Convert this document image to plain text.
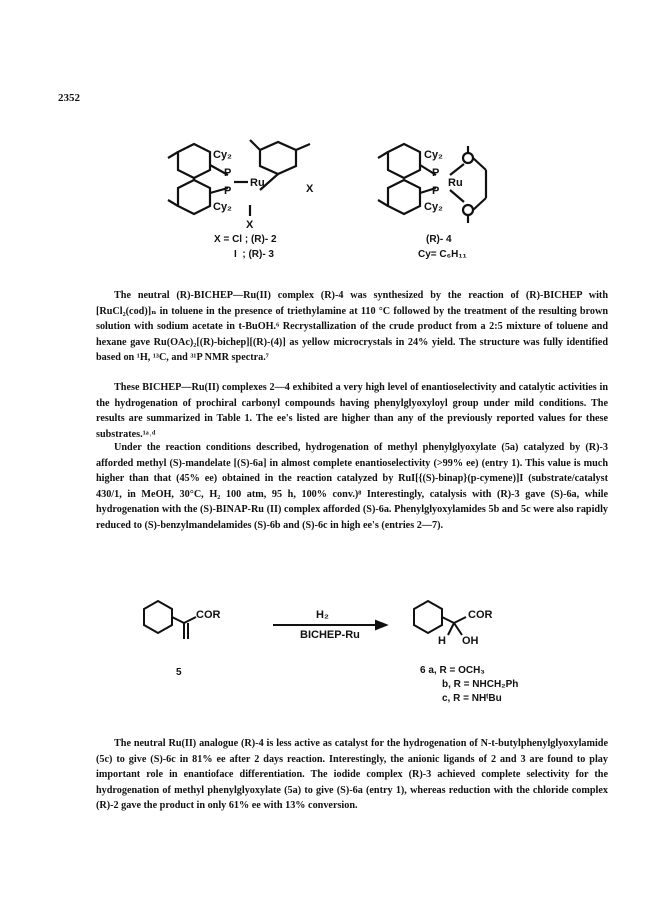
2352
Cy₂
P
P
Cy₂
Ru
X
X
Cy₂
P
Ru
P
Cy₂
X = Cl ; (R)- 2
I  ; (R)- 3
(R)- 4
Cy= C₆H₁₁

The neutral (R)-BICHEP—Ru(II) complex (R)-4 was synthesized by the reaction of (R)-BICHEP with [RuCl₂(cod)]ₙ in toluene in the presence of triethylamine at 110 °C followed by the treatment of the resulting brown solution with sodium acetate in t-BuOH.⁶ Recrystallization of the crude product from a 2:5 mixture of toluene and hexane gave Ru(OAc)₂[(R)-bichep][(R)-(4)] as yellow microcrystals in 24% yield. The structure was fully identified based on ¹H, ¹³C, and ³¹P NMR spectra.⁷

These BICHEP—Ru(II) complexes 2—4 exhibited a very high level of enantioselectivity and catalytic activities in the hydrogenation of prochiral carbonyl compounds having phenylglyoxyloyl group under mild conditions. The results are summarized in Table 1. The ee's listed are higher than any of the previously reported values for these substrates.¹ᵃ˒ᵈ

Under the reaction conditions described, hydrogenation of methyl phenylglyoxylate (5a) catalyzed by (R)-3 afforded methyl (S)-mandelate [(S)-6a] in almost complete enantioselectivity (>99% ee) (entry 1). This value is much higher than that (45% ee) obtained in the reaction catalyzed by RuI[{(S)-binap}(p-cymene)]I (substrate/catalyst 430/1, in MeOH, 30°C, H₂ 100 atm, 95 h, 100% conv.)⁸ Interestingly, catalysis with (R)-3 gave (S)-6a, while hydrogenation with the (S)-BINAP-Ru (II) complex afforded (S)-6a. Phenylglyoxylamides 5b and 5c were also rapidly reduced to (S)-benzylmandelamides (S)-6b and (S)-6c in high ee's (entries 2—7).

COR	H₂
BICHEP-Ru
COR
H OH
5	6 a, R = OCH₃
b, R = NHCH₂Ph
c, R = NHᵗBu

The neutral Ru(II) analogue (R)-4 is less active as catalyst for the hydrogenation of N-t-butylphenylglyoxylamide (5c) to give (S)-6c in 81% ee after 2 days reaction. Interestingly, the anionic ligands of 2 and 3 are found to play important role in enantioface differentiation. The iodide complex (R)-3 achieved complete selectivity for the hydrogenation of methyl phenylglyoxylate (5a) to give (S)-6a (entry 1), whereas reduction with the chloride complex (R)-2 gave the product in only 61% ee with 13% conversion.
